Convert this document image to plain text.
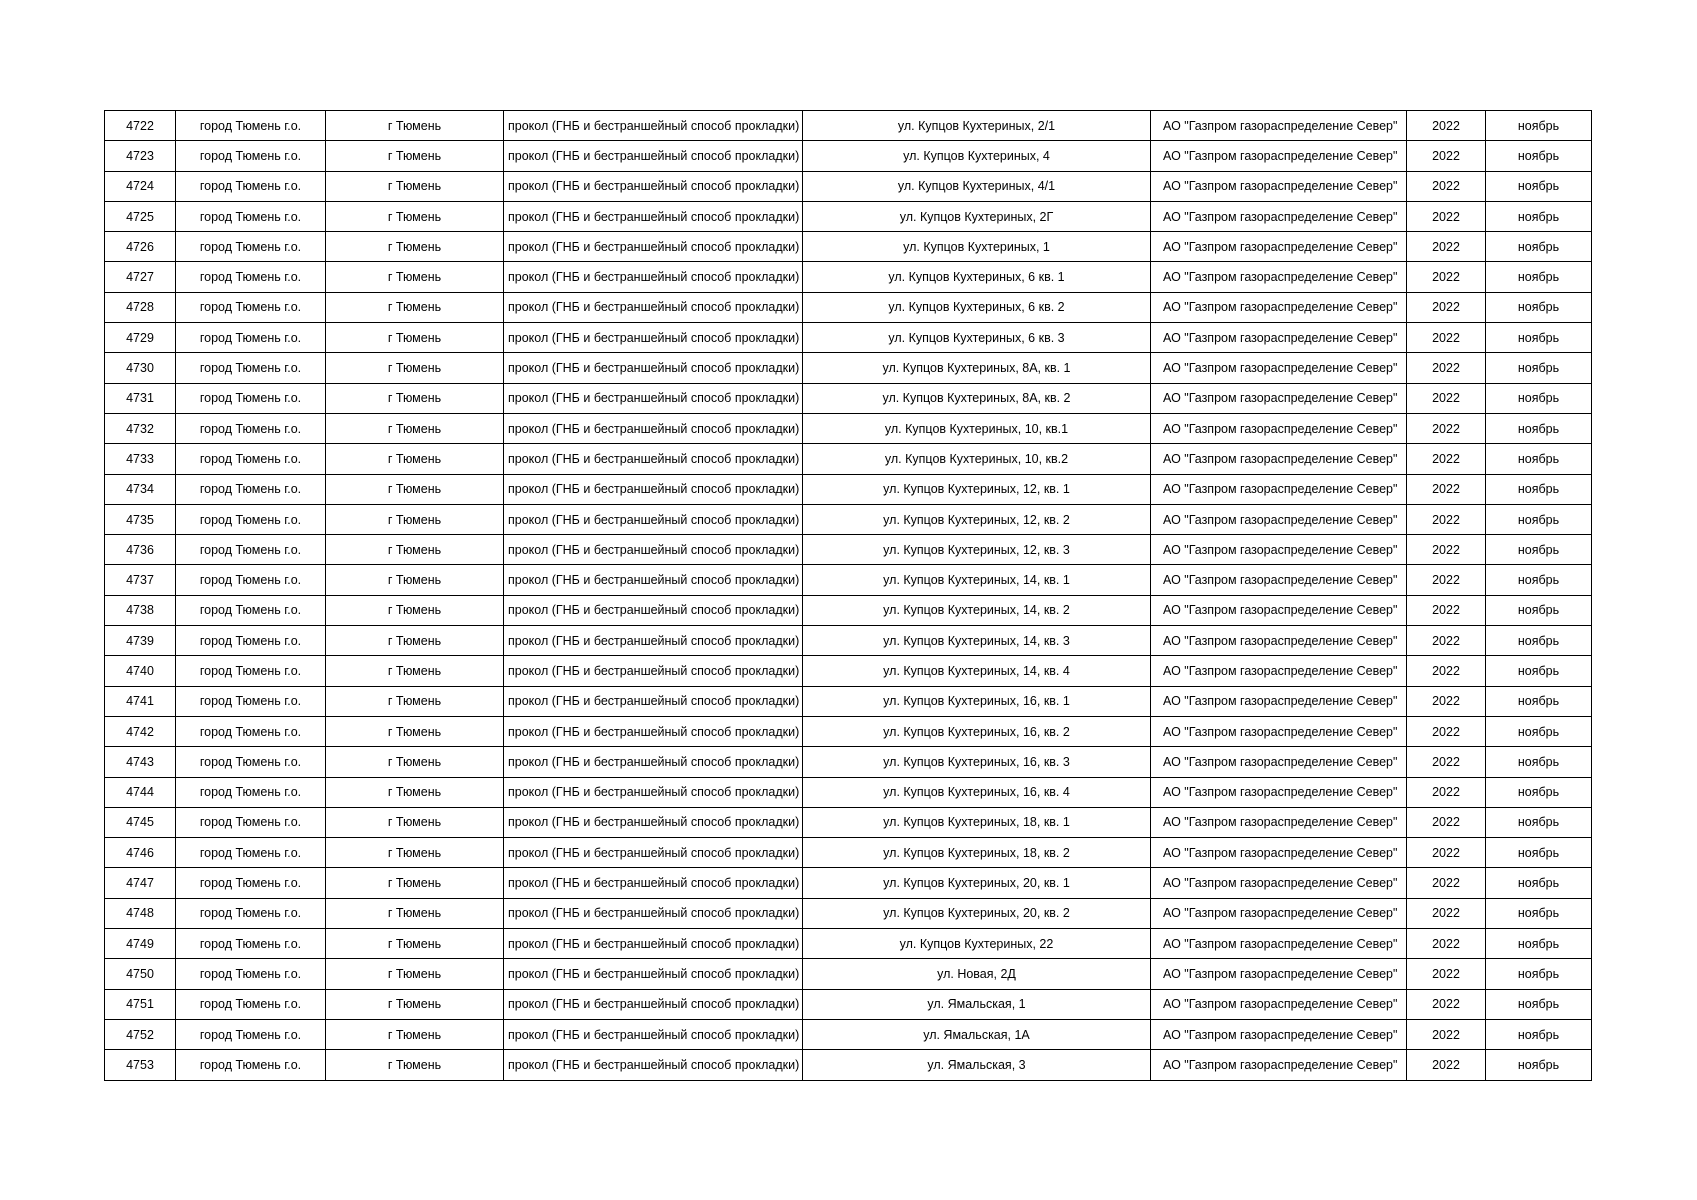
4722	город Тюмень г.о.	г Тюмень	прокол (ГНБ и бестраншейный способ прокладки)	ул. Купцов Кухтериных, 2/1	АО "Газпром газораспределение Север"	2022	ноябрь
4723	город Тюмень г.о.	г Тюмень	прокол (ГНБ и бестраншейный способ прокладки)	ул. Купцов Кухтериных, 4	АО "Газпром газораспределение Север"	2022	ноябрь
4724	город Тюмень г.о.	г Тюмень	прокол (ГНБ и бестраншейный способ прокладки)	ул. Купцов Кухтериных, 4/1	АО "Газпром газораспределение Север"	2022	ноябрь
4725	город Тюмень г.о.	г Тюмень	прокол (ГНБ и бестраншейный способ прокладки)	ул. Купцов Кухтериных, 2Г	АО "Газпром газораспределение Север"	2022	ноябрь
4726	город Тюмень г.о.	г Тюмень	прокол (ГНБ и бестраншейный способ прокладки)	ул. Купцов Кухтериных, 1	АО "Газпром газораспределение Север"	2022	ноябрь
4727	город Тюмень г.о.	г Тюмень	прокол (ГНБ и бестраншейный способ прокладки)	ул. Купцов Кухтериных, 6 кв. 1	АО "Газпром газораспределение Север"	2022	ноябрь
4728	город Тюмень г.о.	г Тюмень	прокол (ГНБ и бестраншейный способ прокладки)	ул. Купцов Кухтериных, 6 кв. 2	АО "Газпром газораспределение Север"	2022	ноябрь
4729	город Тюмень г.о.	г Тюмень	прокол (ГНБ и бестраншейный способ прокладки)	ул. Купцов Кухтериных, 6 кв. 3	АО "Газпром газораспределение Север"	2022	ноябрь
4730	город Тюмень г.о.	г Тюмень	прокол (ГНБ и бестраншейный способ прокладки)	ул. Купцов Кухтериных, 8А, кв. 1	АО "Газпром газораспределение Север"	2022	ноябрь
4731	город Тюмень г.о.	г Тюмень	прокол (ГНБ и бестраншейный способ прокладки)	ул. Купцов Кухтериных, 8А, кв. 2	АО "Газпром газораспределение Север"	2022	ноябрь
4732	город Тюмень г.о.	г Тюмень	прокол (ГНБ и бестраншейный способ прокладки)	ул. Купцов Кухтериных, 10, кв.1	АО "Газпром газораспределение Север"	2022	ноябрь
4733	город Тюмень г.о.	г Тюмень	прокол (ГНБ и бестраншейный способ прокладки)	ул. Купцов Кухтериных, 10, кв.2	АО "Газпром газораспределение Север"	2022	ноябрь
4734	город Тюмень г.о.	г Тюмень	прокол (ГНБ и бестраншейный способ прокладки)	ул. Купцов Кухтериных, 12, кв. 1	АО "Газпром газораспределение Север"	2022	ноябрь
4735	город Тюмень г.о.	г Тюмень	прокол (ГНБ и бестраншейный способ прокладки)	ул. Купцов Кухтериных, 12, кв. 2	АО "Газпром газораспределение Север"	2022	ноябрь
4736	город Тюмень г.о.	г Тюмень	прокол (ГНБ и бестраншейный способ прокладки)	ул. Купцов Кухтериных, 12, кв. 3	АО "Газпром газораспределение Север"	2022	ноябрь
4737	город Тюмень г.о.	г Тюмень	прокол (ГНБ и бестраншейный способ прокладки)	ул. Купцов Кухтериных, 14, кв. 1	АО "Газпром газораспределение Север"	2022	ноябрь
4738	город Тюмень г.о.	г Тюмень	прокол (ГНБ и бестраншейный способ прокладки)	ул. Купцов Кухтериных, 14, кв. 2	АО "Газпром газораспределение Север"	2022	ноябрь
4739	город Тюмень г.о.	г Тюмень	прокол (ГНБ и бестраншейный способ прокладки)	ул. Купцов Кухтериных, 14, кв. 3	АО "Газпром газораспределение Север"	2022	ноябрь
4740	город Тюмень г.о.	г Тюмень	прокол (ГНБ и бестраншейный способ прокладки)	ул. Купцов Кухтериных, 14, кв. 4	АО "Газпром газораспределение Север"	2022	ноябрь
4741	город Тюмень г.о.	г Тюмень	прокол (ГНБ и бестраншейный способ прокладки)	ул. Купцов Кухтериных, 16, кв. 1	АО "Газпром газораспределение Север"	2022	ноябрь
4742	город Тюмень г.о.	г Тюмень	прокол (ГНБ и бестраншейный способ прокладки)	ул. Купцов Кухтериных, 16, кв. 2	АО "Газпром газораспределение Север"	2022	ноябрь
4743	город Тюмень г.о.	г Тюмень	прокол (ГНБ и бестраншейный способ прокладки)	ул. Купцов Кухтериных, 16, кв. 3	АО "Газпром газораспределение Север"	2022	ноябрь
4744	город Тюмень г.о.	г Тюмень	прокол (ГНБ и бестраншейный способ прокладки)	ул. Купцов Кухтериных, 16, кв. 4	АО "Газпром газораспределение Север"	2022	ноябрь
4745	город Тюмень г.о.	г Тюмень	прокол (ГНБ и бестраншейный способ прокладки)	ул. Купцов Кухтериных, 18, кв. 1	АО "Газпром газораспределение Север"	2022	ноябрь
4746	город Тюмень г.о.	г Тюмень	прокол (ГНБ и бестраншейный способ прокладки)	ул. Купцов Кухтериных, 18, кв. 2	АО "Газпром газораспределение Север"	2022	ноябрь
4747	город Тюмень г.о.	г Тюмень	прокол (ГНБ и бестраншейный способ прокладки)	ул. Купцов Кухтериных, 20, кв. 1	АО "Газпром газораспределение Север"	2022	ноябрь
4748	город Тюмень г.о.	г Тюмень	прокол (ГНБ и бестраншейный способ прокладки)	ул. Купцов Кухтериных, 20, кв. 2	АО "Газпром газораспределение Север"	2022	ноябрь
4749	город Тюмень г.о.	г Тюмень	прокол (ГНБ и бестраншейный способ прокладки)	ул. Купцов Кухтериных, 22	АО "Газпром газораспределение Север"	2022	ноябрь
4750	город Тюмень г.о.	г Тюмень	прокол (ГНБ и бестраншейный способ прокладки)	ул. Новая, 2Д	АО "Газпром газораспределение Север"	2022	ноябрь
4751	город Тюмень г.о.	г Тюмень	прокол (ГНБ и бестраншейный способ прокладки)	ул. Ямальская, 1	АО "Газпром газораспределение Север"	2022	ноябрь
4752	город Тюмень г.о.	г Тюмень	прокол (ГНБ и бестраншейный способ прокладки)	ул. Ямальская, 1А	АО "Газпром газораспределение Север"	2022	ноябрь
4753	город Тюмень г.о.	г Тюмень	прокол (ГНБ и бестраншейный способ прокладки)	ул. Ямальская, 3	АО "Газпром газораспределение Север"	2022	ноябрь
